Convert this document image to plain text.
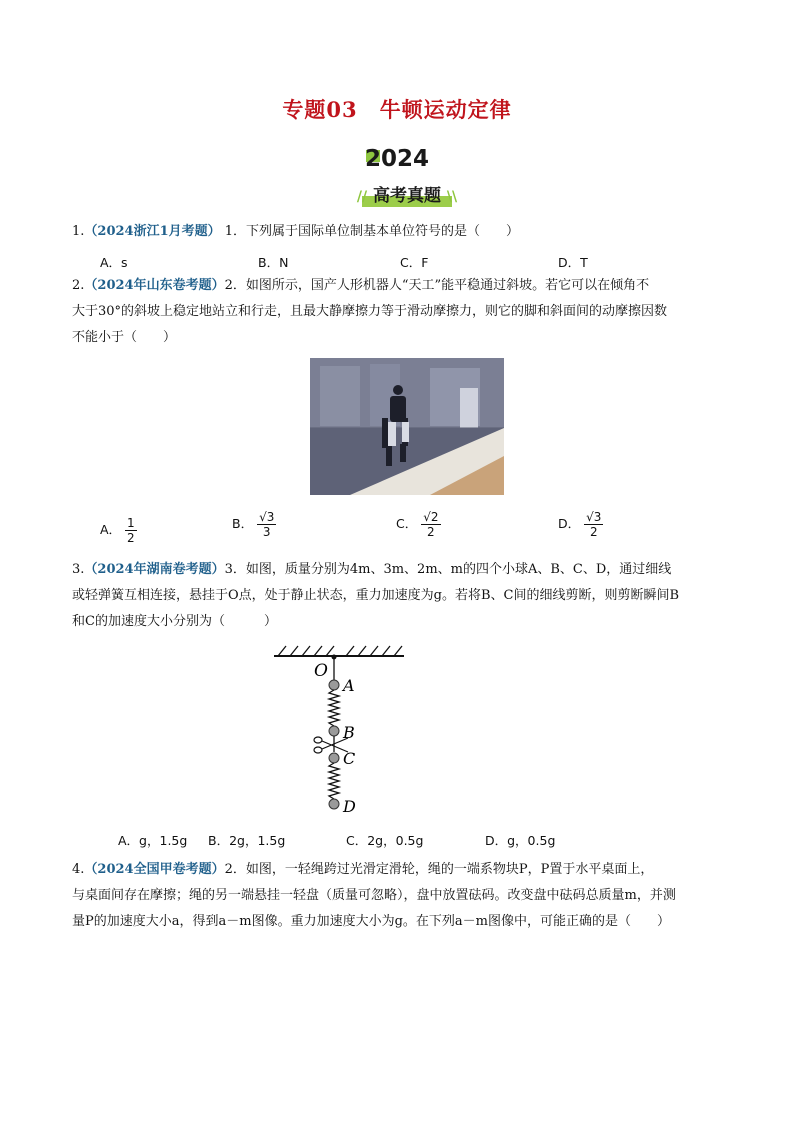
专题03　牛顿运动定律
2024
// 高考真题 \\
1.（2024浙江1月考题） 1．下列属于国际单位制基本单位符号的是（　　）
A．s	B．N	C．F	D．T
2.（2024年山东卷考题）2．如图所示，国产人形机器人“天工”能平稳通过斜坡。若它可以在倾角不
大于30°的斜坡上稳定地站立和行走，且最大静摩擦力等于滑动摩擦力，则它的脚和斜面间的动摩擦因数
不能小于（　　）
A． $\frac{1}{2}$	B． $\frac{√3}{3}$	C． $\frac{√2}{2}$	D． $\frac{√3}{2}$
3.（2024年湖南卷考题）3．如图，质量分别为4m、3m、2m、m的四个小球A、B、C、D，通过细线
或轻弹簧互相连接，悬挂于O点，处于静止状态，重力加速度为g。若将B、C间的细线剪断，则剪断瞬间B
和C的加速度大小分别为（　　　）
O
A
B
C
D
A．g，1.5g B．2g，1.5g	C．2g，0.5g	D．g，0.5g
4.（2024全国甲卷考题）2．如图，一轻绳跨过光滑定滑轮，绳的一端系物块P，P置于水平桌面上，
与桌面间存在摩擦；绳的另一端悬挂一轻盘（质量可忽略），盘中放置砝码。改变盘中砝码总质量m，并测
量P的加速度大小a，得到a－m图像。重力加速度大小为g。在下列a－m图像中，可能正确的是（　　）
